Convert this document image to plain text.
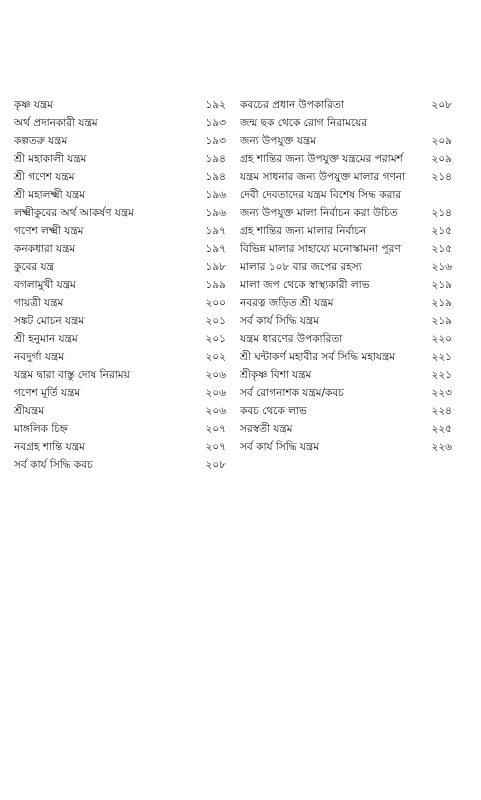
কৃষ্ণ যন্ত্রম	১৯২
অর্থ প্রদানকারী যন্ত্রম	১৯৩
কল্পতরু যন্ত্রম	১৯৩
শ্রী মহাকালী যন্ত্রম	১৯৪
শ্রী গণেশ যন্ত্রম	১৯৪
শ্রী মহালক্ষ্মী যন্ত্রম	১৯৬
লক্ষ্মীকুবের অর্থ আকর্ষণ যন্ত্রম	১৯৬
গণেশ লক্ষ্মী যন্ত্রম	১৯৭
কনকধারা যন্ত্রম	১৯৭
কুবের যন্ত্র	১৯৮
বগলামুখী যন্ত্রম	১৯৯
গায়ত্রী যন্ত্রম	২০০
সঙ্কট মোচন যন্ত্রম	২০১
শ্রী হনুমান যন্ত্রম	২০১
নবদুর্গা যন্ত্রম	২০২
যন্ত্রম দ্বারা বাস্তু দোষ নিরাময়	২০৬
গণেশ মূর্তি যন্ত্রম	২০৬
শ্রীযন্ত্রম	২০৬
মাঙ্গলিক চিহ্ন	২০৭
নবগ্রহ শান্তি যন্ত্রম	২০৭
সর্ব কার্য সিদ্ধি কবচ	২০৮
কবচের প্রধান উপকারিতা	২০৮
জন্ম ছক থেকে রোগ নিরাময়ের
জন্য উপযুক্ত যন্ত্রম	২০৯
গ্রহ শান্তির জন্য উপযুক্ত যন্ত্রমের পরামর্শ	২০৯
যন্ত্রম সাধনার জন্য উপযুক্ত মালার গণনা	২১৪
দেবী দেবতাদের যন্ত্রম বিশেষ সিদ্ধ করার
জন্য উপযুক্ত মালা নির্বাচন করা উচিত	২১৪
গ্রহ শান্তির জন্য মালার নির্বাচন	২১৫
বিভিন্ন মালার সাহায্যে মনোস্কামনা পূরণ	২১৫
মালার ১০৮ বার জপের রহস্য	২১৬
মালা জপ থেকে স্বাস্থ্যকারী লাভ	২১৯
নবরত্ন জড়িত শ্রী যন্ত্রম	২১৯
সর্ব কার্য সিদ্ধি যন্ত্রম	২১৯
যন্ত্রম ধারণের উপকারিতা	২২০
শ্রী ঘন্টাকর্ণ মহাবীর সর্ব সিদ্ধি মহাযন্ত্রম	২২১
শ্রীকৃষ্ণ বিশা যন্ত্রম	২২১
সর্ব রোগনাশক যন্ত্রম/কবচ	২২৩
কবচ থেকে লাভ	২২৪
সরস্বতী যন্ত্রম	২২৫
সর্ব কার্য সিদ্ধি যন্ত্রম	২২৬
